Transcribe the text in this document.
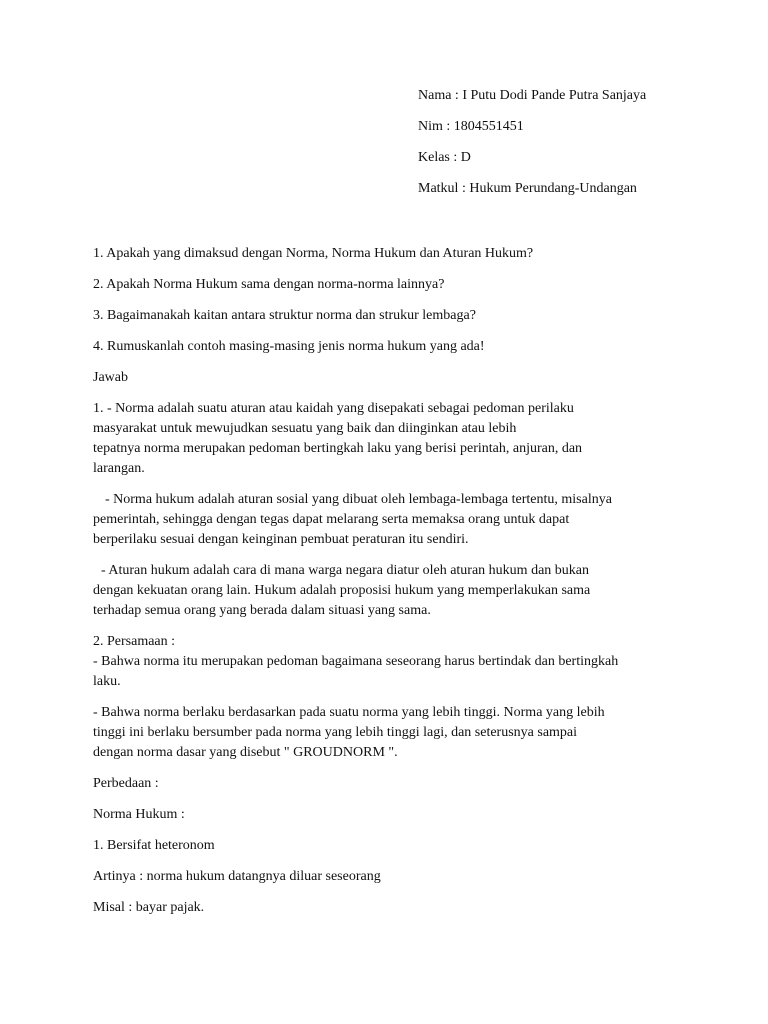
Nama : I Putu Dodi Pande Putra Sanjaya
Nim : 1804551451
Kelas : D
Matkul : Hukum Perundang-Undangan
1. Apakah yang dimaksud dengan Norma, Norma Hukum dan Aturan Hukum?
2. Apakah Norma Hukum sama dengan norma-norma lainnya?
3. Bagaimanakah kaitan antara struktur norma dan strukur lembaga?
4. Rumuskanlah contoh masing-masing jenis norma hukum yang ada!
Jawab
1. - Norma adalah suatu aturan atau kaidah yang disepakati sebagai pedoman perilaku
masyarakat untuk mewujudkan sesuatu yang baik dan diinginkan atau lebih
tepatnya norma merupakan pedoman bertingkah laku yang berisi perintah, anjuran, dan
larangan.
- Norma hukum adalah aturan sosial yang dibuat oleh lembaga-lembaga tertentu, misalnya
pemerintah, sehingga dengan tegas dapat melarang serta memaksa orang untuk dapat
berperilaku sesuai dengan keinginan pembuat peraturan itu sendiri.
- Aturan hukum adalah cara di mana warga negara diatur oleh aturan hukum dan bukan
dengan kekuatan orang lain. Hukum adalah proposisi hukum yang memperlakukan sama
terhadap semua orang yang berada dalam situasi yang sama.
2. Persamaan :
- Bahwa norma itu merupakan pedoman bagaimana seseorang harus bertindak dan bertingkah
laku.
- Bahwa norma berlaku berdasarkan pada suatu norma yang lebih tinggi. Norma yang lebih
tinggi ini berlaku bersumber pada norma yang lebih tinggi lagi, dan seterusnya sampai
dengan norma dasar yang disebut " GROUDNORM ".
Perbedaan :
Norma Hukum :
1. Bersifat heteronom
Artinya : norma hukum datangnya diluar seseorang
Misal : bayar pajak.
